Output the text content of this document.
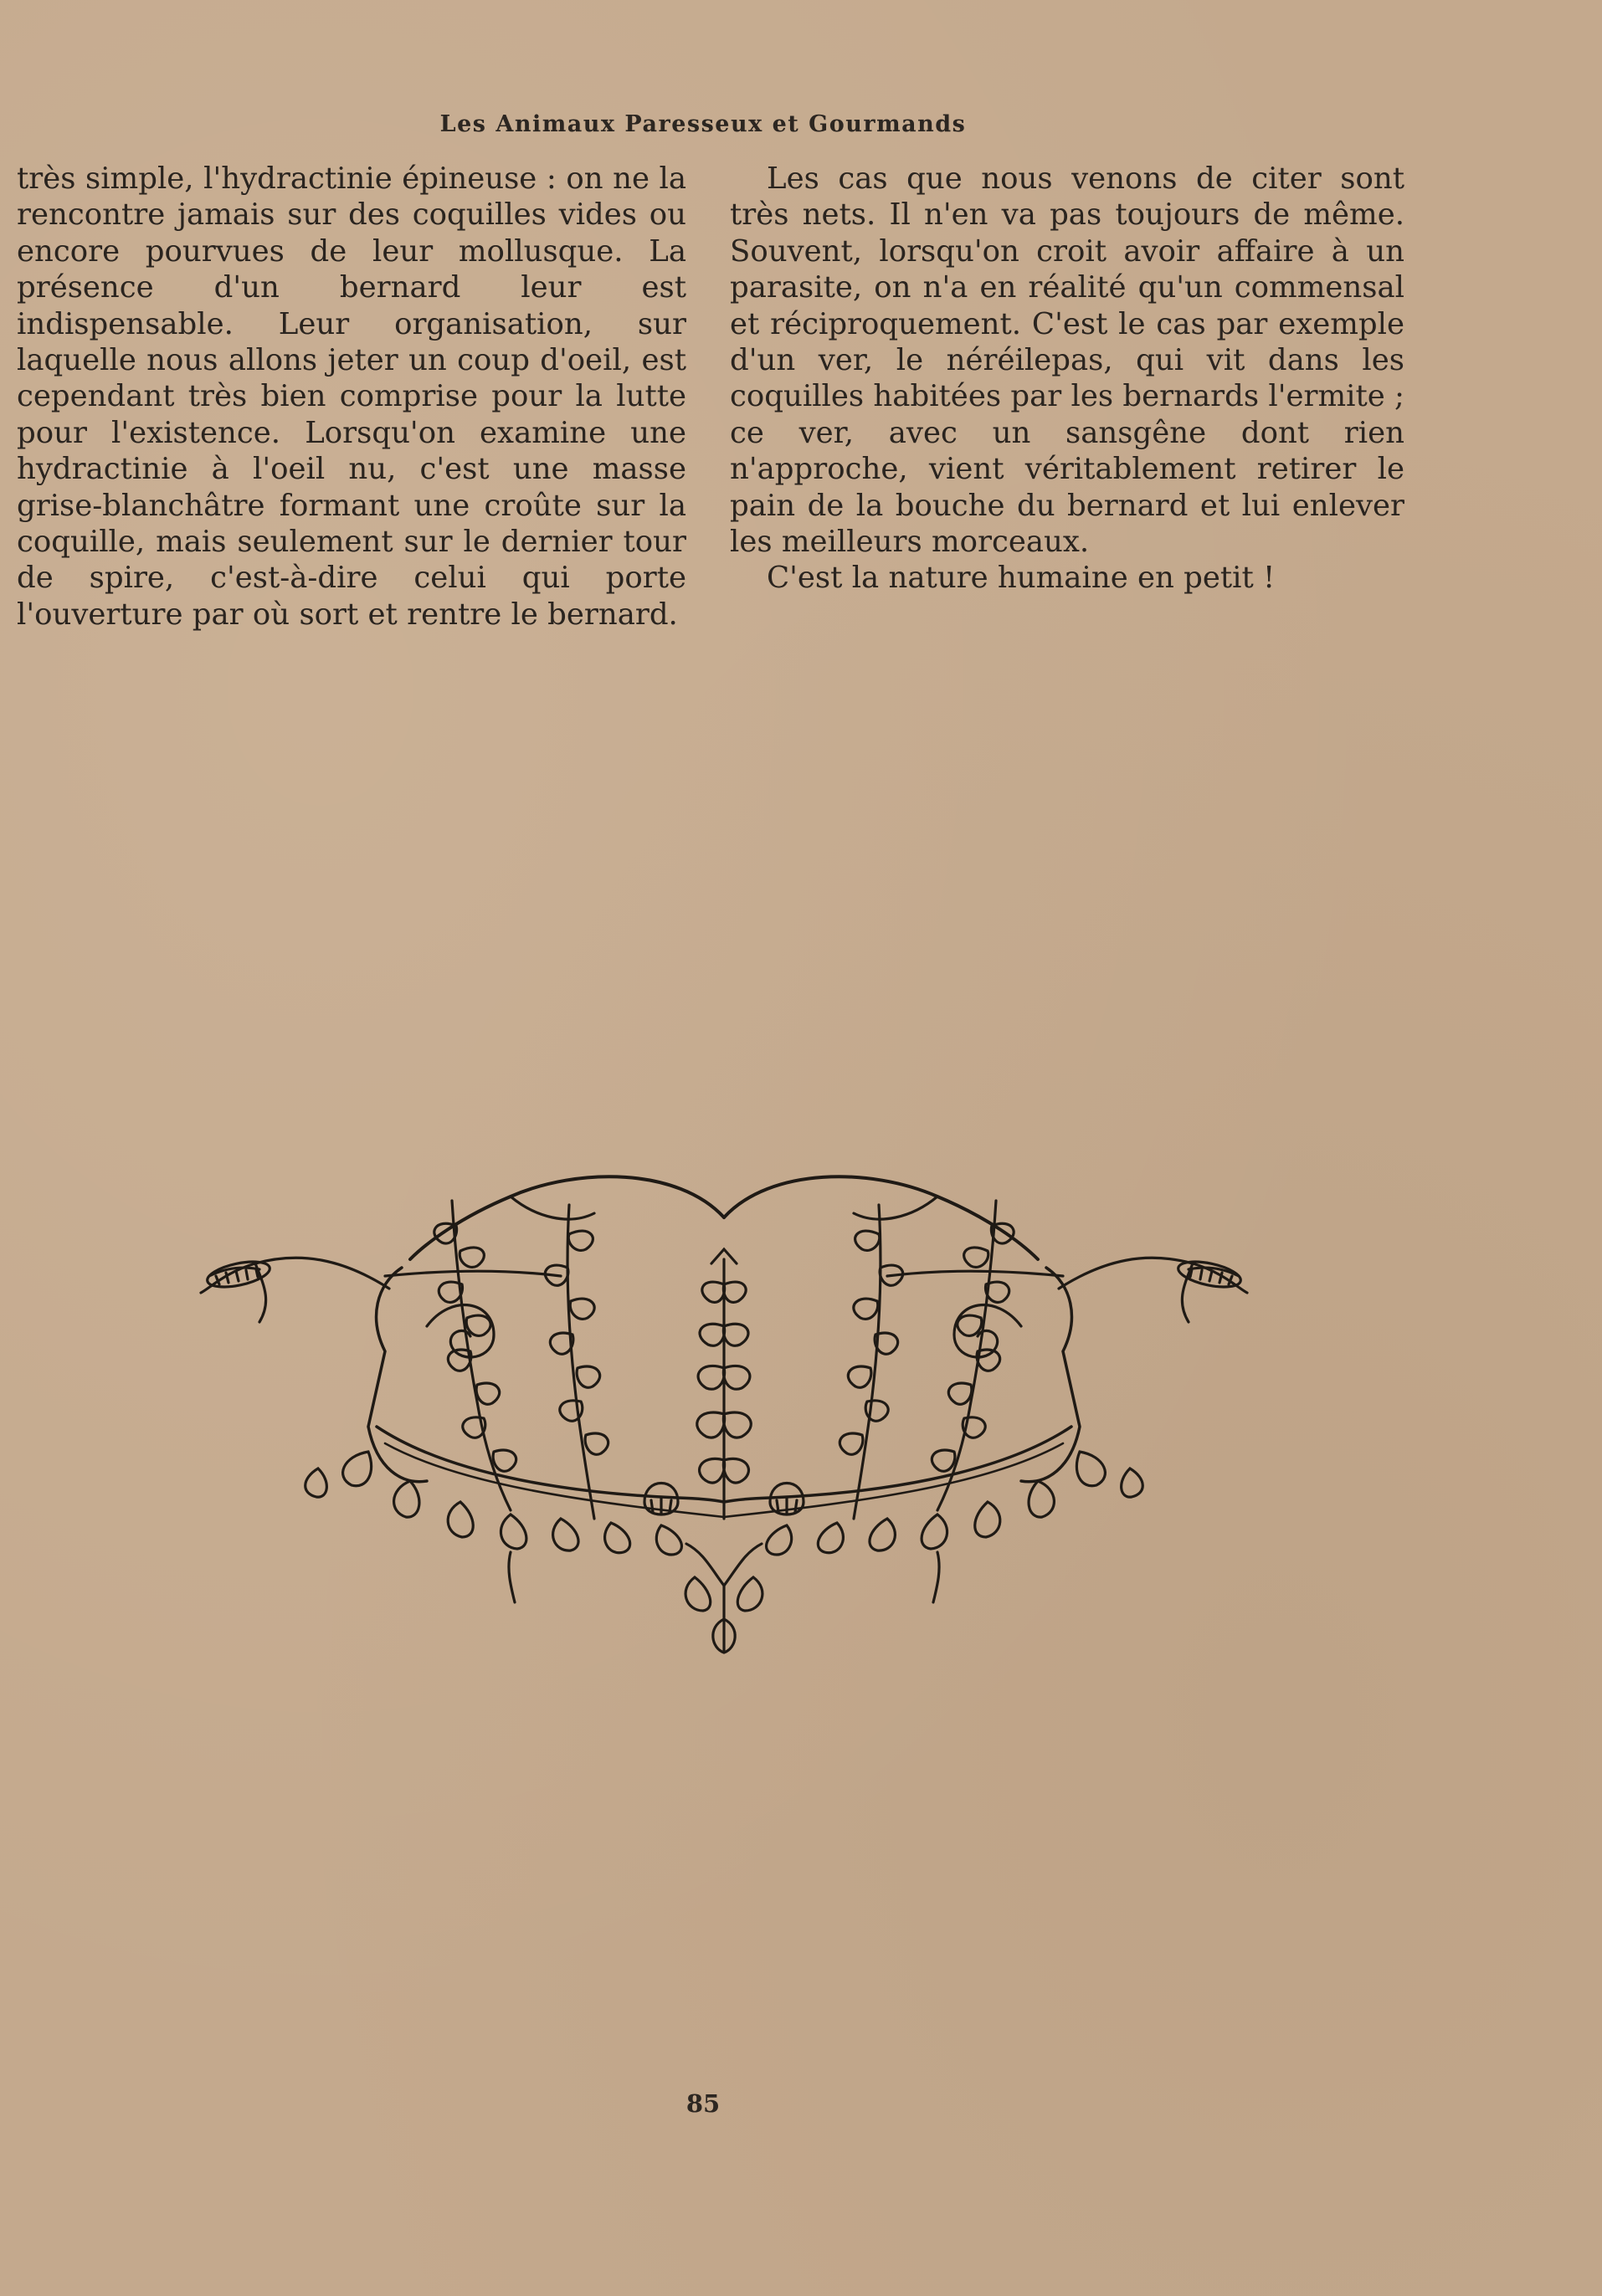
Les Animaux Paresseux et Gourmands

très simple, l'hydractinie épineuse : on ne la rencontre jamais sur des coquilles vides ou encore pourvues de leur mollusque. La présence d'un bernard leur est indispensable. Leur organisation, sur laquelle nous allons jeter un coup d'oeil, est cependant très bien comprise pour la lutte pour l'existence. Lorsqu'on examine une hydractinie à l'oeil nu, c'est une masse grise-blanchâtre formant une croûte sur la coquille, mais seulement sur le dernier tour de spire, c'est-à-dire celui qui porte l'ouverture par où sort et rentre le bernard.

Les cas que nous venons de citer sont très nets. Il n'en va pas toujours de même. Souvent, lorsqu'on croit avoir affaire à un parasite, on n'a en réalité qu'un commensal et réciproquement. C'est le cas par exemple d'un ver, le néréilepas, qui vit dans les coquilles habitées par les bernards l'ermite ; ce ver, avec un sansgêne dont rien n'approche, vient véritablement retirer le pain de la bouche du bernard et lui enlever les meilleurs morceaux.

C'est la nature humaine en petit !

85
